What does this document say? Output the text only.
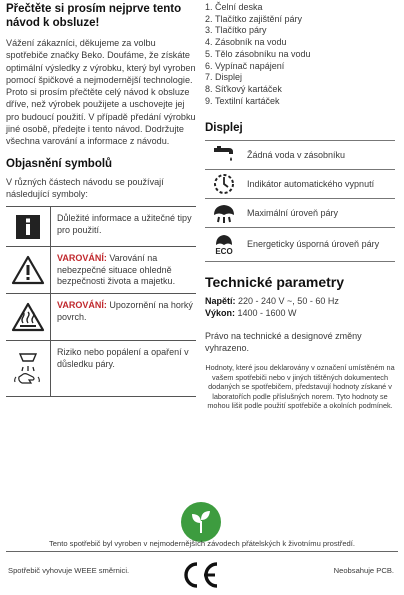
Přečtěte si prosím nejprve tento návod k obsluze!

Vážení zákazníci, děkujeme za volbu spotřebiče značky Beko. Doufáme, že získáte optimální výsledky z výrobku, který byl vyroben pomocí špičkové a nejmodernější technologie. Proto si prosím přečtěte celý návod k obsluze dříve, než výrobek použijete a uschovejte jej pro budoucí použití. V případě předání výrobku jiné osobě, předejte i tento návod. Dodržujte všechna varování a informace z návodu.

Objasnění symbolů

V různých částech návodu se používají následující symboly:

Důležité informace a užitečné tipy pro použití.
VAROVÁNÍ: Varování na nebezpečné situace ohledně bezpečnosti života a majetku.
VAROVÁNÍ: Upozornění na horký povrch.
Riziko nebo popálení a opaření v důsledku páry.
1. Čelní deska
2. Tlačítko zajištění páry
3. Tlačítko páry
4. Zásobník na vodu
5. Tělo zásobníku na vodu
6. Vypínač napájení
7. Displej
8. Síťkový kartáček
9. Textilní kartáček
Displej
Žádná voda v zásobníku
Indikátor automatického vypnutí
Maximální úroveň páry
ECO
Energeticky úsporná úroveň páry
Technické parametry
Napětí: 220 - 240 V ~, 50 - 60 Hz
Výkon: 1400 - 1600 W

Právo na technické a designové změny vyhrazeno.

Hodnoty, které jsou deklarovány v označení umístěném na vašem spotřebiči nebo v jiných tištěných dokumentech dodaných se spotřebičem, představují hodnoty získané v laboratořích podle příslušných norem. Tyto hodnoty se mohou lišit podle použití spotřebiče a okolních podmínek.

Tento spotřebič byl vyroben v nejmodernějších závodech přátelských k životnímu prostředí.
Spotřebič vyhovuje WEEE směrnici.	Neobsahuje PCB.
